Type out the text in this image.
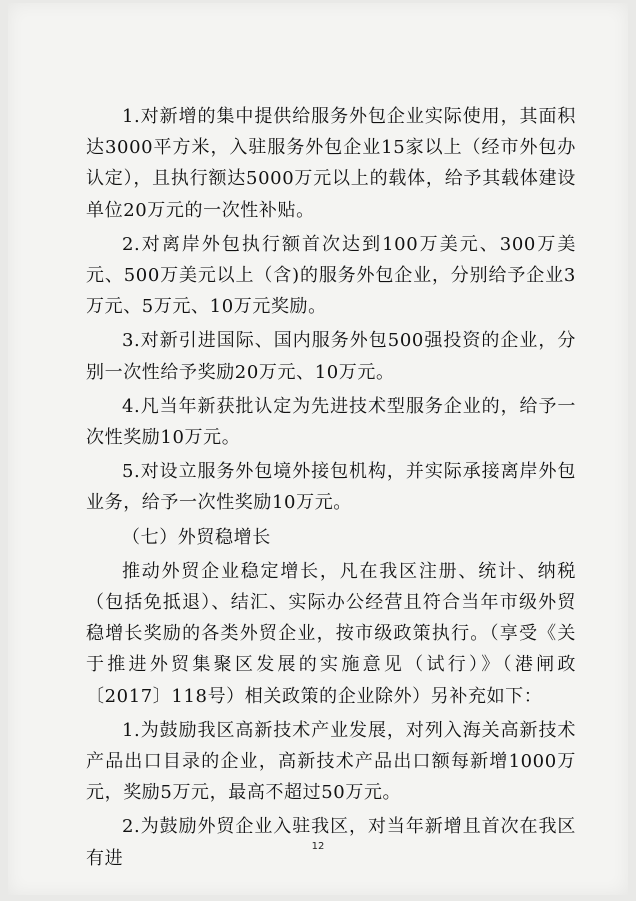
1.对新增的集中提供给服务外包企业实际使用，其面积达3000平方米，入驻服务外包企业15家以上（经市外包办认定），且执行额达5000万元以上的载体，给予其载体建设单位20万元的一次性补贴。

2.对离岸外包执行额首次达到100万美元、300万美元、500万美元以上（含)的服务外包企业，分别给予企业3万元、5万元、10万元奖励。

3.对新引进国际、国内服务外包500强投资的企业，分别一次性给予奖励20万元、10万元。

4.凡当年新获批认定为先进技术型服务企业的，给予一次性奖励10万元。

5.对设立服务外包境外接包机构，并实际承接离岸外包业务，给予一次性奖励10万元。

（七）外贸稳增长

推动外贸企业稳定增长，凡在我区注册、统计、纳税（包括免抵退）、结汇、实际办公经营且符合当年市级外贸稳增长奖励的各类外贸企业，按市级政策执行。（享受《关于推进外贸集聚区发展的实施意见（试行）》（港闸政〔2017〕118号）相关政策的企业除外）另补充如下：

1.为鼓励我区高新技术产业发展，对列入海关高新技术产品出口目录的企业，高新技术产品出口额每新增1000万元，奖励5万元，最高不超过50万元。

2.为鼓励外贸企业入驻我区，对当年新增且首次在我区有进

12
